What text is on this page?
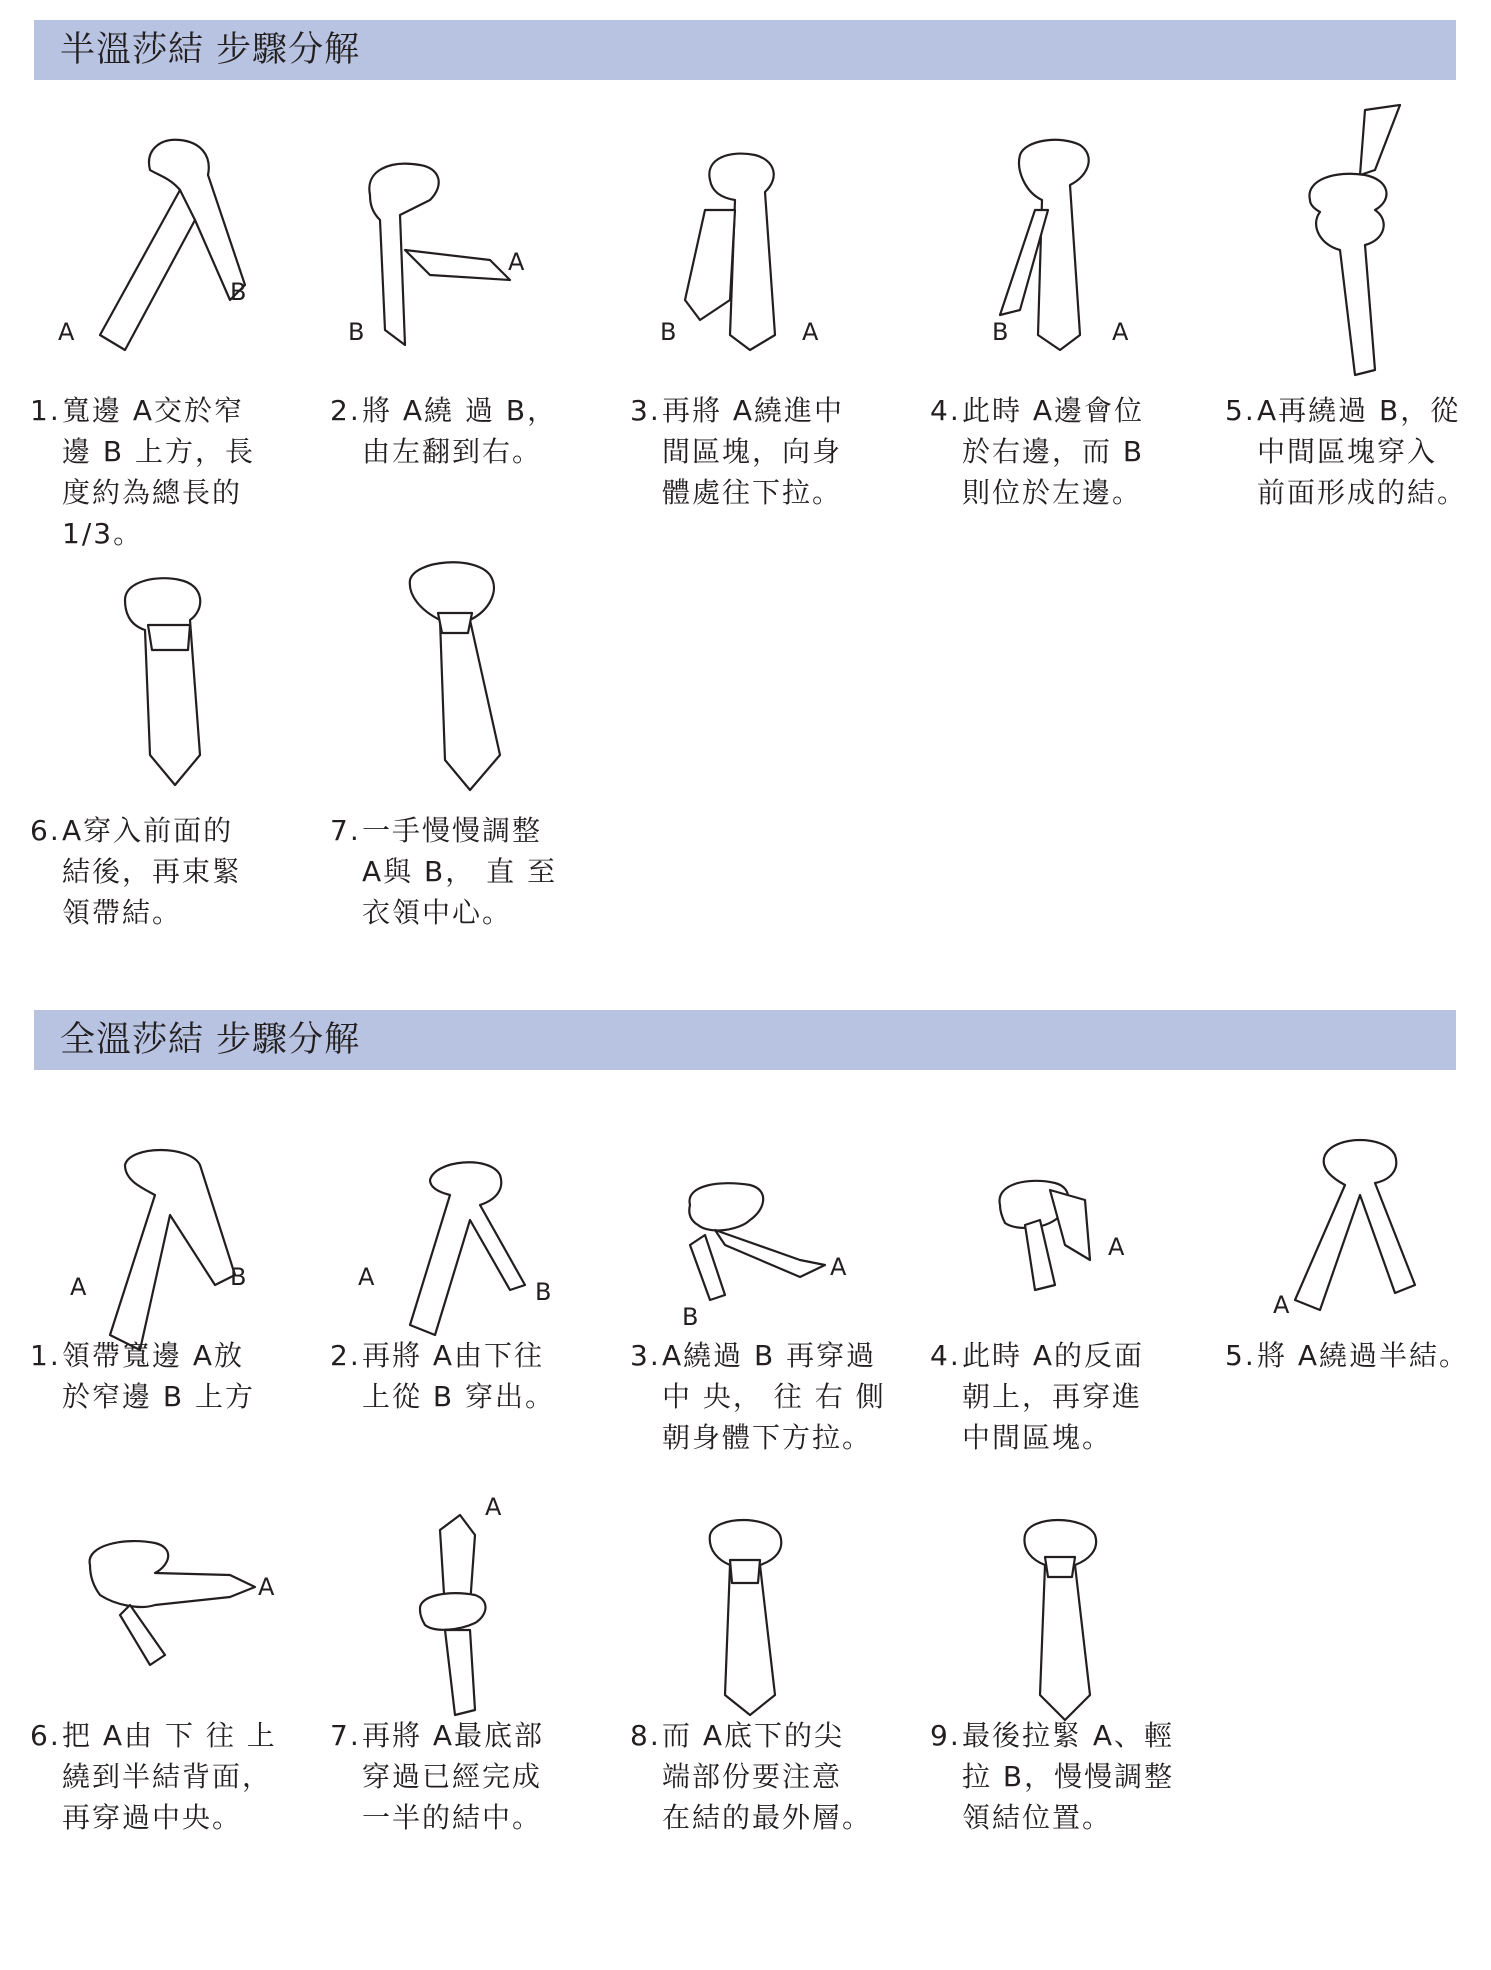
半溫莎結 步驟分解
A
B
1. 寬邊 A交於窄
邊 B 上方，長
度約為總長的
1/3。
A
B
2. 將 A繞 過 B，
由左翻到右。
B	A
3. 再將 A繞進中
間區塊，向身
體處往下拉。
B	A
4. 此時 A邊會位
於右邊，而 B
則位於左邊。
5. A再繞過 B，從
中間區塊穿入
前面形成的結。
6. A穿入前面的
結後，再束緊
領帶結。
7. 一手慢慢調整
A與 B， 直 至
衣領中心。
全溫莎結 步驟分解
A	B
1. 領帶寬邊 A放
於窄邊 B 上方
A
B
2. 再將 A由下往
上從 B 穿出。
B
A
3. A繞過 B 再穿過
中 央， 往 右 側
朝身體下方拉。
A
4. 此時 A的反面
朝上，再穿進
中間區塊。
A
5. 將 A繞過半結。
A
6. 把 A由 下 往 上
繞到半結背面，
再穿過中央。
A
7. 再將 A最底部
穿過已經完成
一半的結中。
8. 而 A底下的尖
端部份要注意
在結的最外層。
9. 最後拉緊 A、輕
拉 B，慢慢調整
領結位置。
